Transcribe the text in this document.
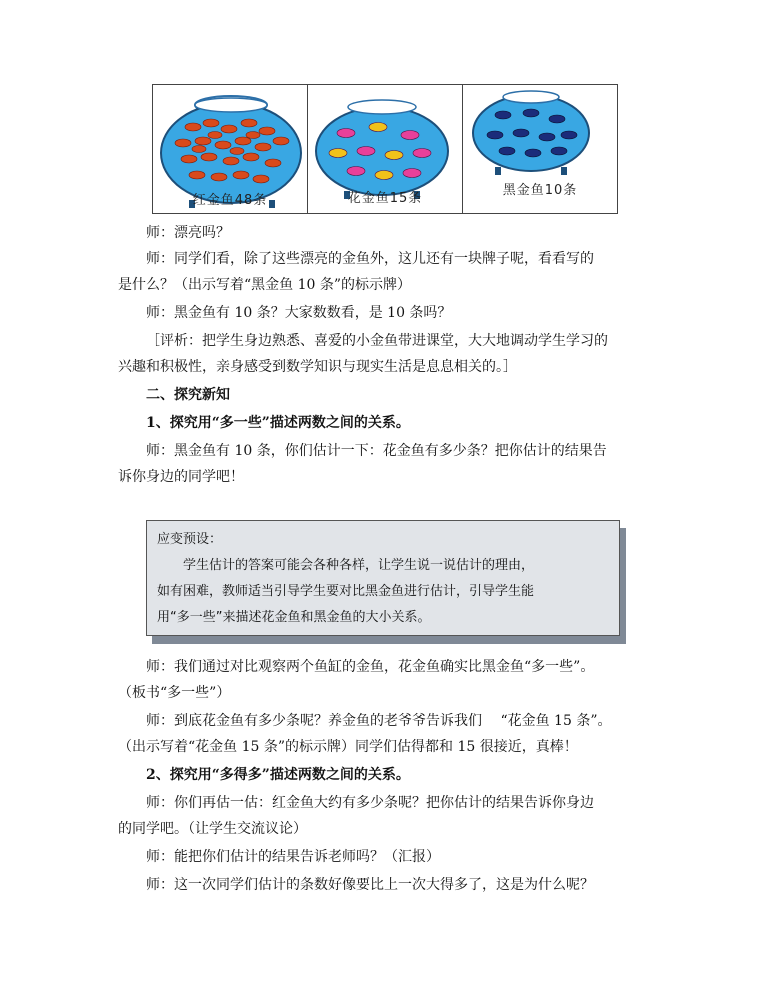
红金鱼48条	花金鱼15条
黑金鱼10条

师：漂亮吗？

师：同学们看，除了这些漂亮的金鱼外，这儿还有一块牌子呢，看看写的

是什么？（出示写着“黑金鱼 10 条”的标示牌）

师：黑金鱼有 10 条？大家数数看，是 10 条吗？

［评析：把学生身边熟悉、喜爱的小金鱼带进课堂，大大地调动学生学习的

兴趣和积极性，亲身感受到数学知识与现实生活是息息相关的。］

二、探究新知

1、探究用“多一些”描述两数之间的关系。

师：黑金鱼有 10 条，你们估计一下：花金鱼有多少条？把你估计的结果告

诉你身边的同学吧！

应变预设：

学生估计的答案可能会各种各样，让学生说一说估计的理由，

如有困难，教师适当引导学生要对比黑金鱼进行估计，引导学生能

用“多一些”来描述花金鱼和黑金鱼的大小关系。

师：我们通过对比观察两个鱼缸的金鱼，花金鱼确实比黑金鱼“多一些”。

（板书“多一些”）

师：到底花金鱼有多少条呢？养金鱼的老爷爷告诉我们　 “花金鱼 15 条”。

（出示写着“花金鱼 15 条”的标示牌）同学们估得都和 15 很接近，真棒！

2、探究用“多得多”描述两数之间的关系。

师：你们再估一估：红金鱼大约有多少条呢？把你估计的结果告诉你身边

的同学吧。（让学生交流议论）

师：能把你们估计的结果告诉老师吗？（汇报）

师：这一次同学们估计的条数好像要比上一次大得多了，这是为什么呢？
